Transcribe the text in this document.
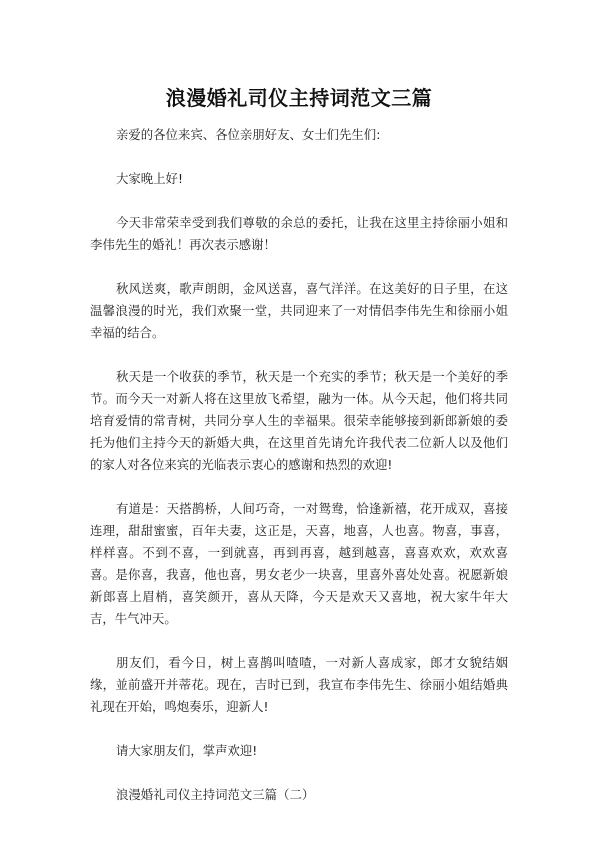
浪漫婚礼司仪主持词范文三篇

亲爱的各位来宾、各位亲朋好友、女士们先生们:

大家晚上好!

今天非常荣幸受到我们尊敬的余总的委托，让我在这里主持徐丽小姐和李伟先生的婚礼！再次表示感谢！

秋风送爽，歌声朗朗，金风送喜，喜气洋洋。在这美好的日子里，在这温馨浪漫的时光，我们欢聚一堂，共同迎来了一对情侣李伟先生和徐丽小姐幸福的结合。

秋天是一个收获的季节，秋天是一个充实的季节；秋天是一个美好的季节。而今天一对新人将在这里放飞希望，融为一体。从今天起，他们将共同培育爱情的常青树，共同分享人生的幸福果。很荣幸能够接到新郎新娘的委托为他们主持今天的新婚大典，在这里首先请允许我代表二位新人以及他们的家人对各位来宾的光临表示衷心的感谢和热烈的欢迎!

有道是：天搭鹊桥，人间巧奇，一对鸳鸯，恰逢新禧，花开成双，喜接连理，甜甜蜜蜜，百年夫妻，这正是，天喜，地喜，人也喜。物喜，事喜，样样喜。不到不喜，一到就喜，再到再喜，越到越喜，喜喜欢欢，欢欢喜喜。是你喜，我喜，他也喜，男女老少一块喜，里喜外喜处处喜。祝愿新娘新郎喜上眉梢，喜笑颜开，喜从天降，今天是欢天又喜地，祝大家牛年大吉，牛气冲天。

朋友们，看今日，树上喜鹊叫喳喳，一对新人喜成家，郎才女貌结姻缘，並前盛开并蒂花。现在，吉时已到，我宣布李伟先生、徐丽小姐结婚典礼现在开始，鸣炮奏乐，迎新人!

请大家朋友们，掌声欢迎!

浪漫婚礼司仪主持词范文三篇（二）
